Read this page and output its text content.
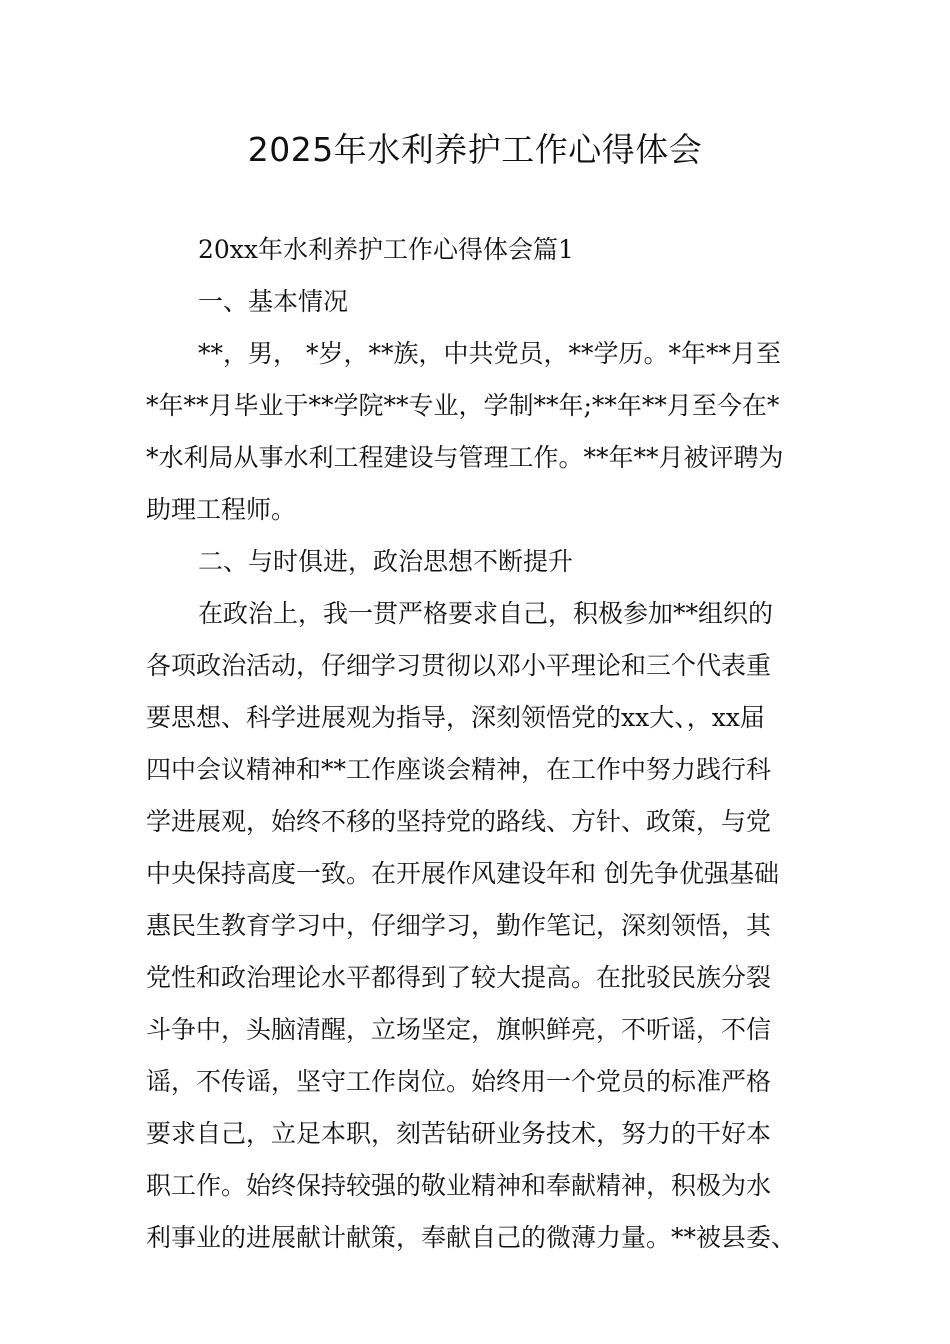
2025年水利养护工作心得体会
20xx年水利养护工作心得体会篇1
一、基本情况
**，男， *岁，**族，中共党员，**学历。*年**月至
*年**月毕业于**学院**专业，学制**年;**年**月至今在*
*水利局从事水利工程建设与管理工作。**年**月被评聘为
助理工程师。
二、与时俱进，政治思想不断提升
在政治上，我一贯严格要求自己，积极参加**组织的
各项政治活动，仔细学习贯彻以邓小平理论和三个代表重
要思想、科学进展观为指导，深刻领悟党的xx大、，xx届
四中会议精神和**工作座谈会精神，在工作中努力践行科
学进展观，始终不移的坚持党的路线、方针、政策，与党
中央保持高度一致。在开展作风建设年和 创先争优强基础
惠民生教育学习中，仔细学习，勤作笔记，深刻领悟，其
党性和政治理论水平都得到了较大提高。在批驳民族分裂
斗争中，头脑清醒，立场坚定，旗帜鲜亮，不听谣，不信
谣，不传谣，坚守工作岗位。始终用一个党员的标准严格
要求自己，立足本职，刻苦钻研业务技术，努力的干好本
职工作。始终保持较强的敬业精神和奉献精神，积极为水
利事业的进展献计献策，奉献自己的微薄力量。**被县委、
